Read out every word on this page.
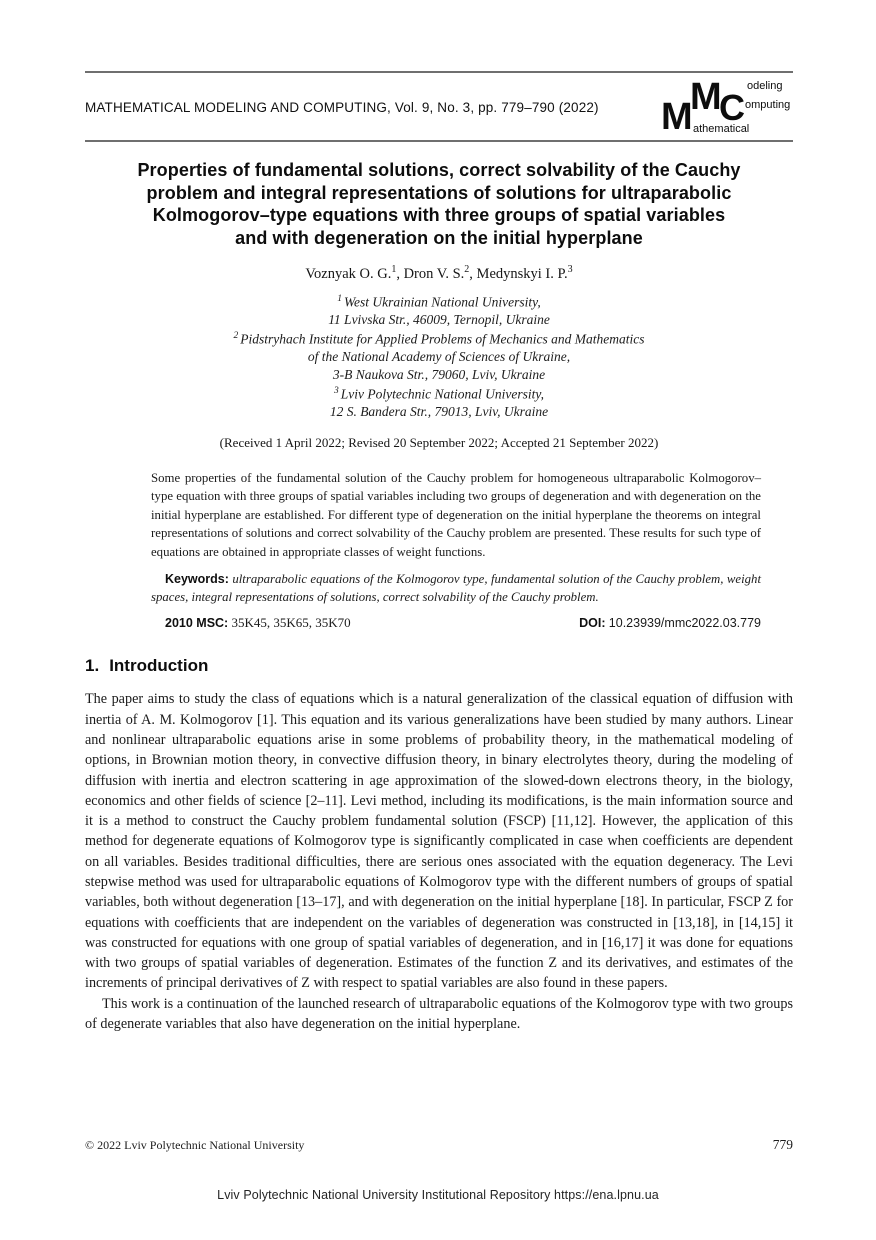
MATHEMATICAL MODELING AND COMPUTING, Vol. 9, No. 3, pp. 779–790 (2022) M
M
C
odeling
omputing
athematical
Properties of fundamental solutions, correct solvability of the Cauchy
problem and integral representations of solutions for ultraparabolic
Kolmogorov–type equations with three groups of spatial variables
and with degeneration on the initial hyperplane
Voznyak O. G.$^1$, Dron V. S.$^2$, Medynskyi I. P.$^3$
$^1$ West Ukrainian National University,
11 Lvivska Str., 46009, Ternopil, Ukraine
$^2$ Pidstryhach Institute for Applied Problems of Mechanics and Mathematics
of the National Academy of Sciences of Ukraine,
3-B Naukova Str., 79060, Lviv, Ukraine
$^3$ Lviv Polytechnic National University,
12 S. Bandera Str., 79013, Lviv, Ukraine
(Received 1 April 2022; Revised 20 September 2022; Accepted 21 September 2022)
Some properties of the fundamental solution of the Cauchy problem for homogeneous ultraparabolic Kolmogorov–type equation with three groups of spatial variables including two groups of degeneration and with degeneration on the initial hyperplane are established. For different type of degeneration on the initial hyperplane the theorems on integral representations of solutions and correct solvability of the Cauchy problem are presented. These results for such type of equations are obtained in appropriate classes of weight functions.
Keywords: ultraparabolic equations of the Kolmogorov type, fundamental solution of the Cauchy problem, weight spaces, integral representations of solutions, correct solvability of the Cauchy problem.
2010 MSC: 35K45, 35K65, 35K70	DOI: 10.23939/mmc2022.03.779
1. Introduction

The paper aims to study the class of equations which is a natural generalization of the classical equation of diffusion with inertia of A. M. Kolmogorov [1]. This equation and its various generalizations have been studied by many authors. Linear and nonlinear ultraparabolic equations arise in some problems of probability theory, in the mathematical modeling of options, in Brownian motion theory, in convective diffusion theory, in binary electrolytes theory, during the modeling of diffusion with inertia and electron scattering in age approximation of the slowed-down electrons theory, in the biology, economics and other fields of science [2–11]. Levi method, including its modifications, is the main information source and it is a method to construct the Cauchy problem fundamental solution (FSCP) [11,12]. However, the application of this method for degenerate equations of Kolmogorov type is significantly complicated in case when coefficients are dependent on all variables. Besides traditional difficulties, there are serious ones associated with the equation degeneracy. The Levi stepwise method was used for ultraparabolic equations of Kolmogorov type with the different numbers of groups of spatial variables, both without degeneration [13–17], and with degeneration on the initial hyperplane [18]. In particular, FSCP Z for equations with coefficients that are independent on the variables of degeneration was constructed in [13,18], in [14,15] it was constructed for equations with one group of spatial variables of degeneration, and in [16,17] it was done for equations with two groups of spatial variables of degeneration. Estimates of the function Z and its derivatives, and estimates of the increments of principal derivatives of Z with respect to spatial variables are also found in these papers.

This work is a continuation of the launched research of ultraparabolic equations of the Kolmogorov type with two groups of degenerate variables that also have degeneration on the initial hyperplane.

© 2022 Lviv Polytechnic National University	779
Lviv Polytechnic National University Institutional Repository https://ena.lpnu.ua
